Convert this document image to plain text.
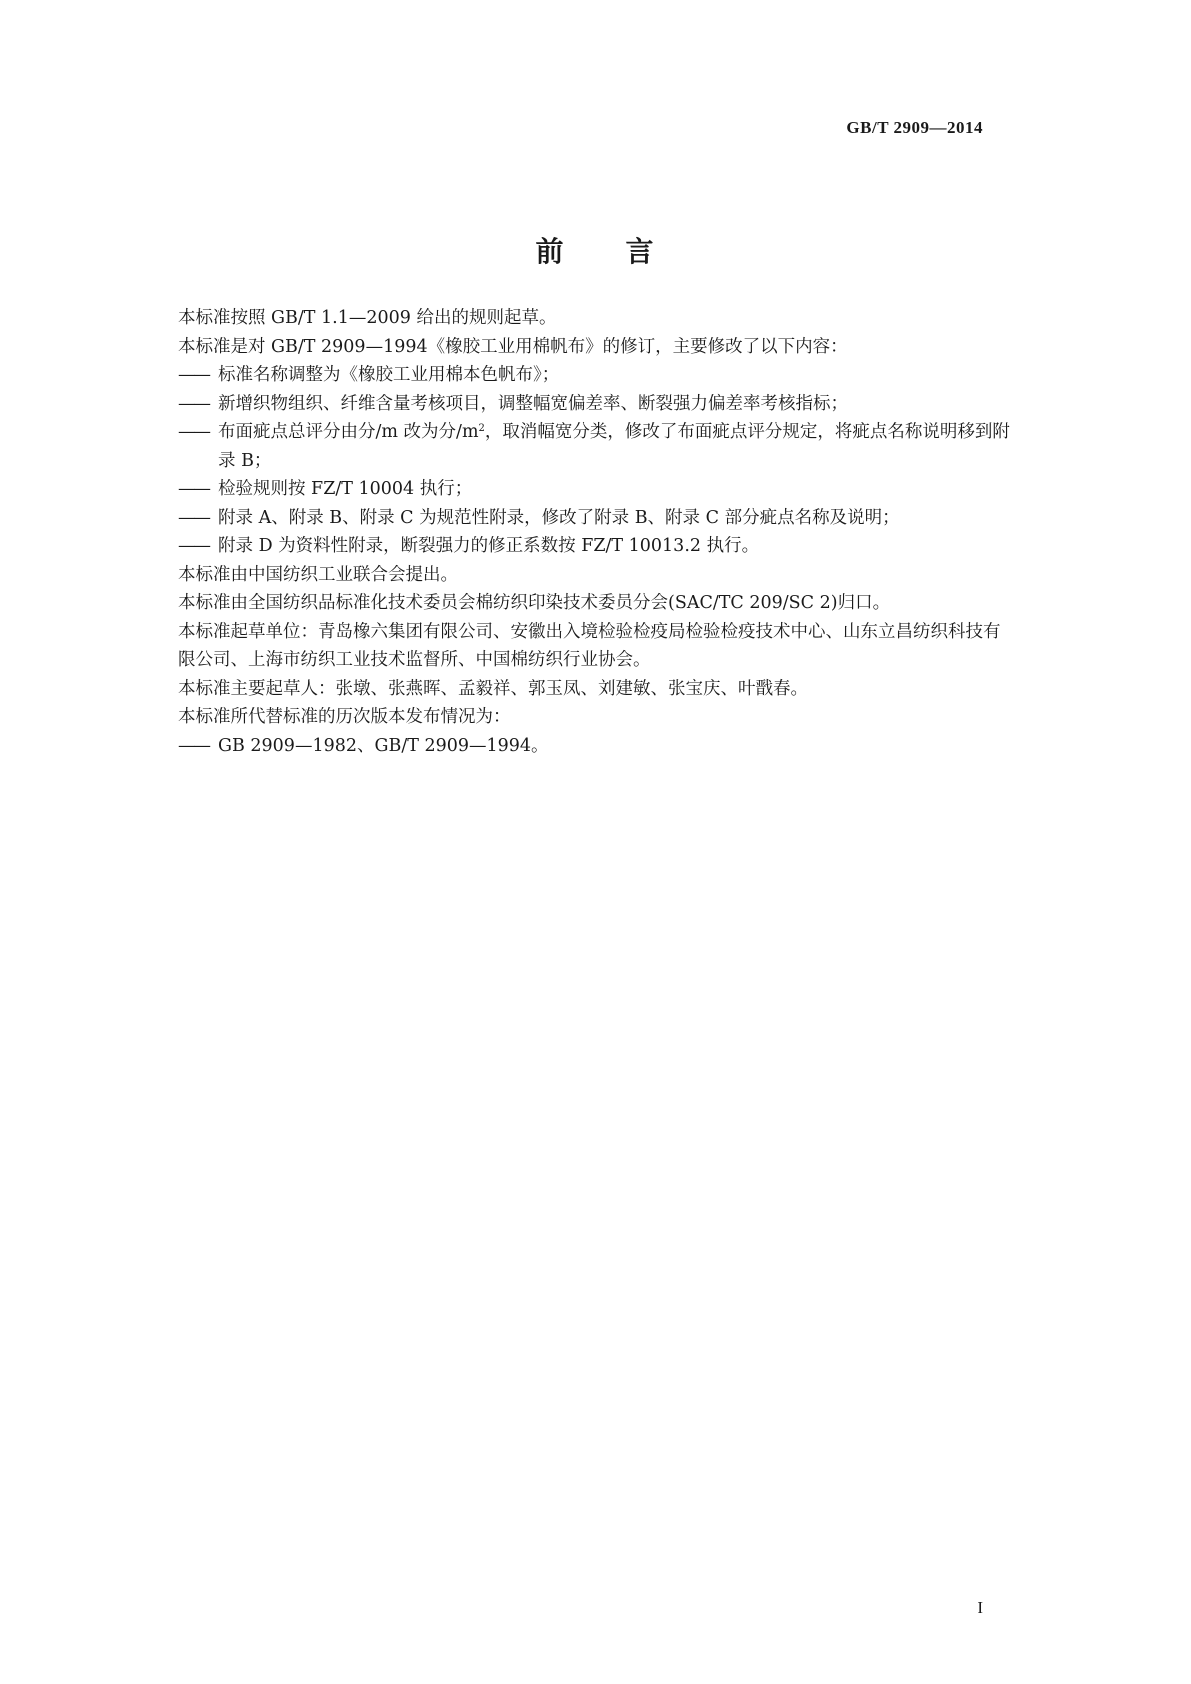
GB/T 2909—2014
前 言

本标准按照 GB/T 1.1—2009 给出的规则起草。

本标准是对 GB/T 2909—1994《橡胶工业用棉帆布》的修订，主要修改了以下内容：

—— 标准名称调整为《橡胶工业用棉本色帆布》；

—— 新增织物组织、纤维含量考核项目，调整幅宽偏差率、断裂强力偏差率考核指标；

—— 布面疵点总评分由分/m 改为分$/m^2$，取消幅宽分类，修改了布面疵点评分规定，将疵点名称说明移到附录 B；

—— 检验规则按 FZ/T 10004 执行；

—— 附录 A、附录 B、附录 C 为规范性附录，修改了附录 B、附录 C 部分疵点名称及说明；

—— 附录 D 为资料性附录，断裂强力的修正系数按 FZ/T 10013.2 执行。

本标准由中国纺织工业联合会提出。

本标准由全国纺织品标准化技术委员会棉纺织印染技术委员分会(SAC/TC 209/SC 2)归口。

本标准起草单位：青岛橡六集团有限公司、安徽出入境检验检疫局检验检疫技术中心、山东立昌纺织科技有限公司、上海市纺织工业技术监督所、中国棉纺织行业协会。

本标准主要起草人：张墩、张燕晖、孟毅祥、郭玉凤、刘建敏、张宝庆、叶戬春。

本标准所代替标准的历次版本发布情况为：

—— GB 2909—1982、GB/T 2909—1994。

I
